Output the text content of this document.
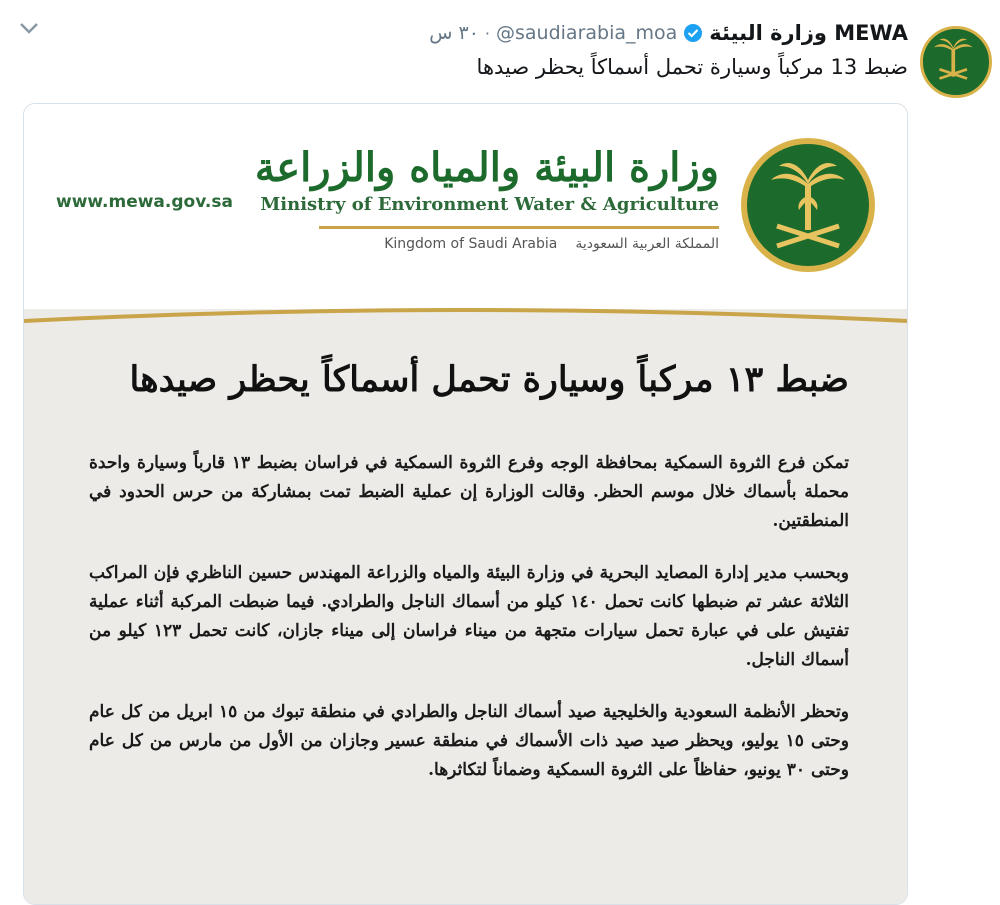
وزارة البيئة MEWA
@saudiarabia_moa
·
٣٠ س
ضبط 13 مركباً وسيارة تحمل أسماكاً يحظر صيدها
www.mewa.gov.sa
وزارة البيئة والمياه والزراعة
Ministry of Environment Water & Agriculture
Kingdom of Saudi Arabia المملكة العربية السعودية
ضبط ١٣ مركباً وسيارة تحمل أسماكاً يحظر صيدها
تمكن فرع الثروة السمكية بمحافظة الوجه وفرع الثروة السمكية في فراسان بضبط ١٣ قارباً وسيارة واحدة محملة بأسماك خلال موسم الحظر. وقالت الوزارة إن عملية الضبط تمت بمشاركة من حرس الحدود في المنطقتين.
وبحسب مدير إدارة المصايد البحرية في وزارة البيئة والمياه والزراعة المهندس حسين الناظري فإن المراكب الثلاثة عشر تم ضبطها كانت تحمل ١٤٠ كيلو من أسماك الناجل والطرادي. فيما ضبطت المركبة أثناء عملية تفتيش على في عبارة تحمل سيارات متجهة من ميناء فراسان إلى ميناء جازان، كانت تحمل ١٢٣ كيلو من أسماك الناجل.
وتحظر الأنظمة السعودية والخليجية صيد أسماك الناجل والطرادي في منطقة تبوك من ١٥ ابريل من كل عام وحتى ١٥ يوليو، ويحظر صيد صيد ذات الأسماك في منطقة عسير وجازان من الأول من مارس من كل عام وحتى ٣٠ يونيو، حفاظاً على الثروة السمكية وضماناً لتكاثرها.
